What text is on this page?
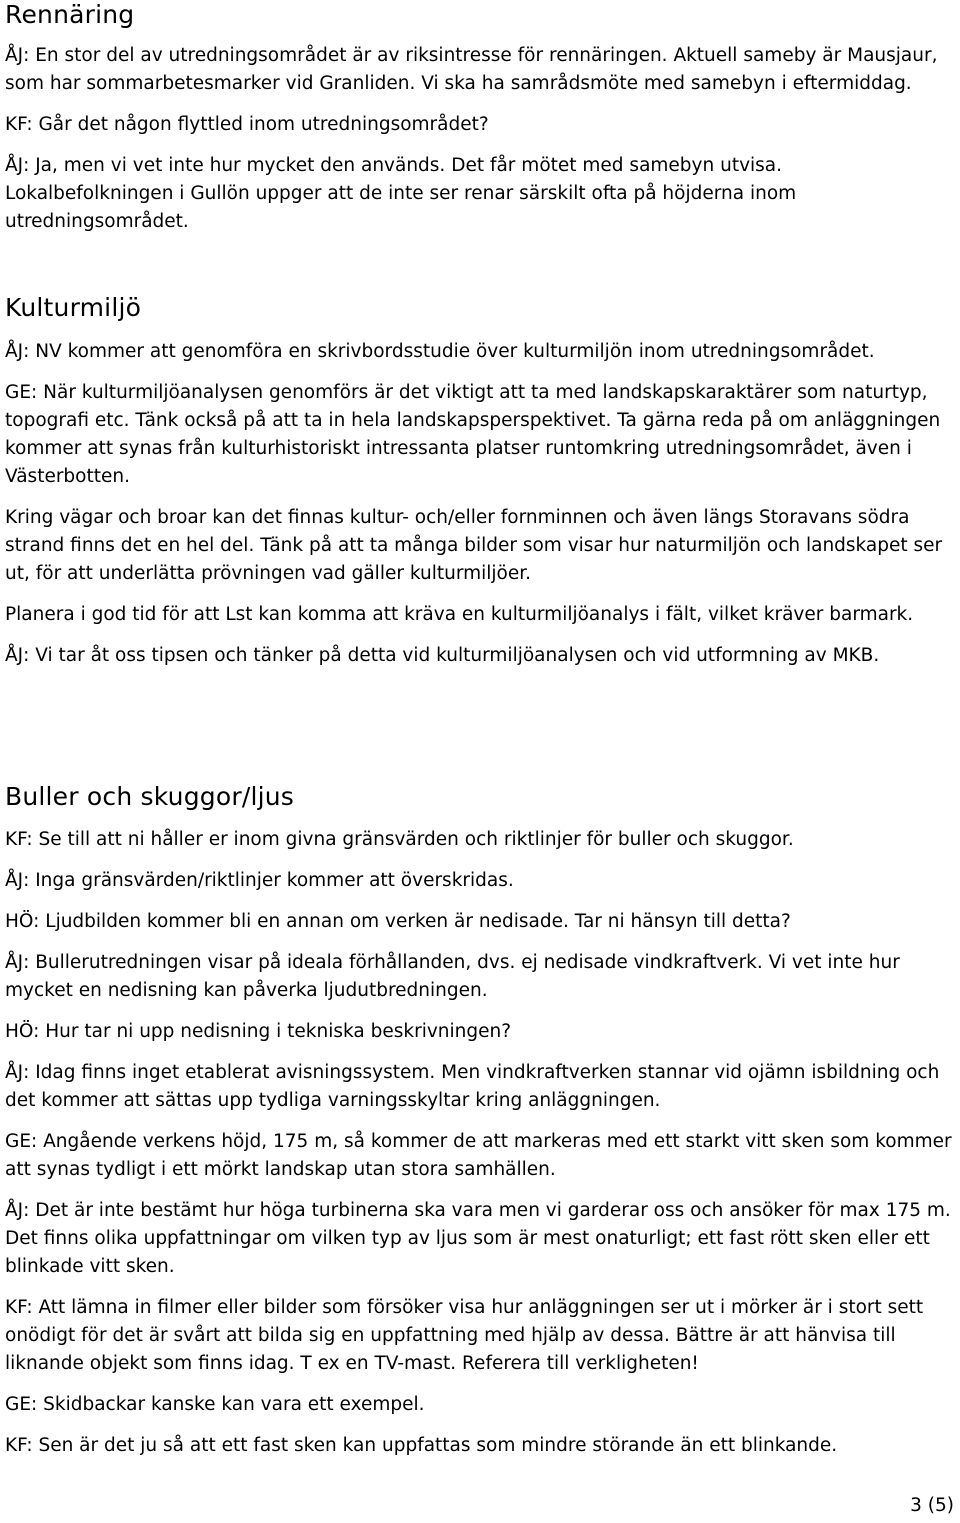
Rennäring

ÅJ: En stor del av utredningsområdet är av riksintresse för rennäringen. Aktuell sameby är Mausjaur, som har sommarbetesmarker vid Granliden. Vi ska ha samrådsmöte med samebyn i eftermiddag.

KF: Går det någon flyttled inom utredningsområdet?

ÅJ: Ja, men vi vet inte hur mycket den används. Det får mötet med samebyn utvisa.

Lokalbefolkningen i Gullön uppger att de inte ser renar särskilt ofta på höjderna inom utredningsområdet.

Kulturmiljö

ÅJ: NV kommer att genomföra en skrivbordsstudie över kulturmiljön inom utredningsområdet.

GE: När kulturmiljöanalysen genomförs är det viktigt att ta med landskapskaraktärer som naturtyp, topografi etc. Tänk också på att ta in hela landskapsperspektivet. Ta gärna reda på om anläggningen kommer att synas från kulturhistoriskt intressanta platser runtomkring utredningsområdet, även i Västerbotten.

Kring vägar och broar kan det finnas kultur- och/eller fornminnen och även längs Storavans södra strand finns det en hel del. Tänk på att ta många bilder som visar hur naturmiljön och landskapet ser ut, för att underlätta prövningen vad gäller kulturmiljöer.

Planera i god tid för att Lst kan komma att kräva en kulturmiljöanalys i fält, vilket kräver barmark.

ÅJ: Vi tar åt oss tipsen och tänker på detta vid kulturmiljöanalysen och vid utformning av MKB.

Buller och skuggor/ljus

KF: Se till att ni håller er inom givna gränsvärden och riktlinjer för buller och skuggor.

ÅJ: Inga gränsvärden/riktlinjer kommer att överskridas.

HÖ: Ljudbilden kommer bli en annan om verken är nedisade. Tar ni hänsyn till detta?

ÅJ: Bullerutredningen visar på ideala förhållanden, dvs. ej nedisade vindkraftverk. Vi vet inte hur mycket en nedisning kan påverka ljudutbredningen.

HÖ: Hur tar ni upp nedisning i tekniska beskrivningen?

ÅJ: Idag finns inget etablerat avisningssystem. Men vindkraftverken stannar vid ojämn isbildning och det kommer att sättas upp tydliga varningsskyltar kring anläggningen.

GE: Angående verkens höjd, 175 m, så kommer de att markeras med ett starkt vitt sken som kommer att synas tydligt i ett mörkt landskap utan stora samhällen.

ÅJ: Det är inte bestämt hur höga turbinerna ska vara men vi garderar oss och ansöker för max 175 m. Det finns olika uppfattningar om vilken typ av ljus som är mest onaturligt; ett fast rött sken eller ett blinkade vitt sken.

KF: Att lämna in filmer eller bilder som försöker visa hur anläggningen ser ut i mörker är i stort sett onödigt för det är svårt att bilda sig en uppfattning med hjälp av dessa. Bättre är att hänvisa till liknande objekt som finns idag. T ex en TV-mast. Referera till verkligheten!

GE: Skidbackar kanske kan vara ett exempel.

KF: Sen är det ju så att ett fast sken kan uppfattas som mindre störande än ett blinkande.

3 (5)
